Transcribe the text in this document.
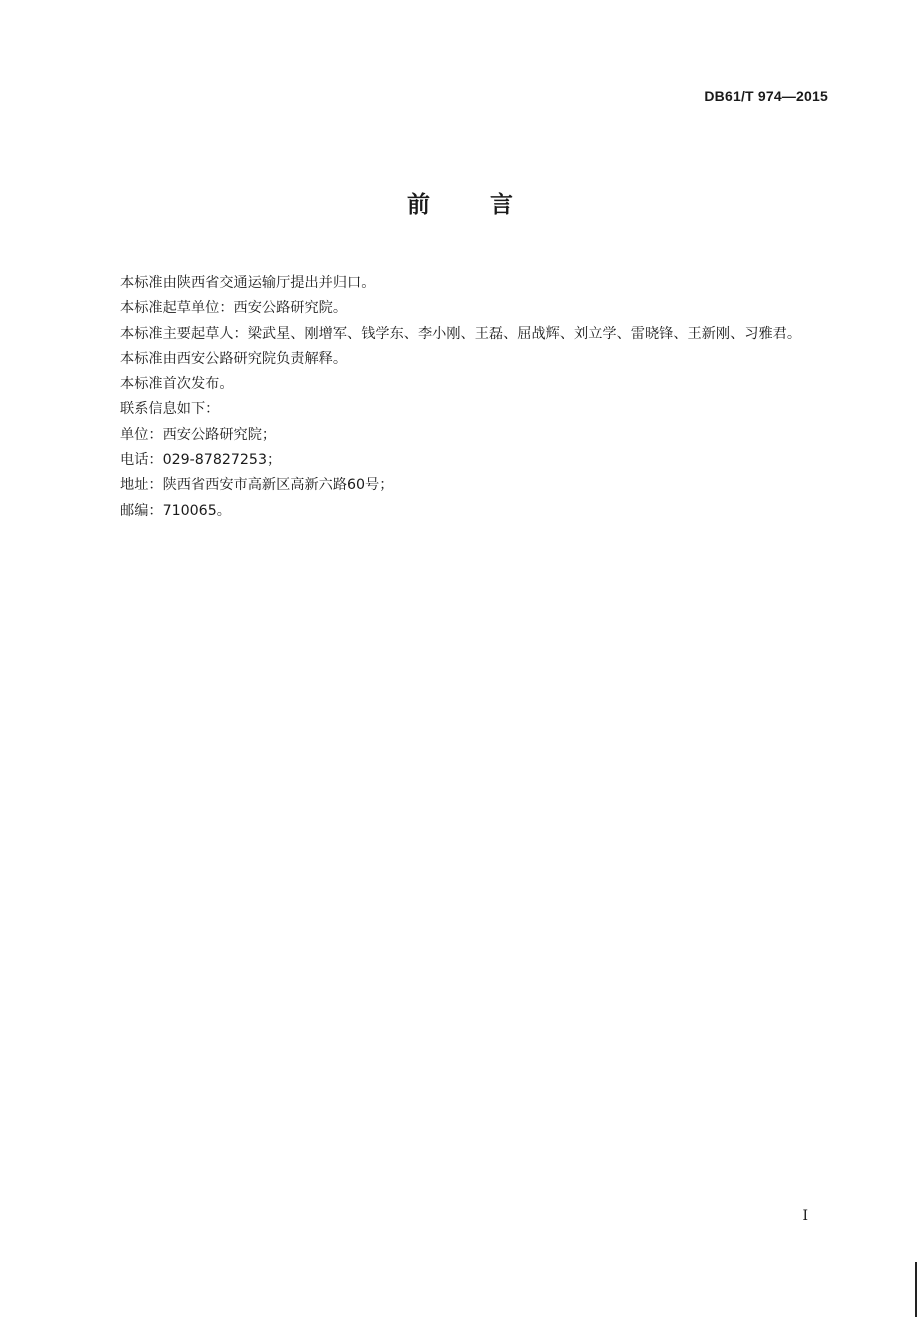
DB61/T 974—2015
前	言

本标准由陕西省交通运输厅提出并归口。

本标准起草单位：西安公路研究院。

本标准主要起草人：梁武星、刚增军、钱学东、李小刚、王磊、屈战辉、刘立学、雷晓锋、王新刚、习雅君。

本标准由西安公路研究院负责解释。

本标准首次发布。

联系信息如下：

单位：西安公路研究院；

电话：029-87827253；

地址：陕西省西安市高新区高新六路60号；

邮编：710065。

I
